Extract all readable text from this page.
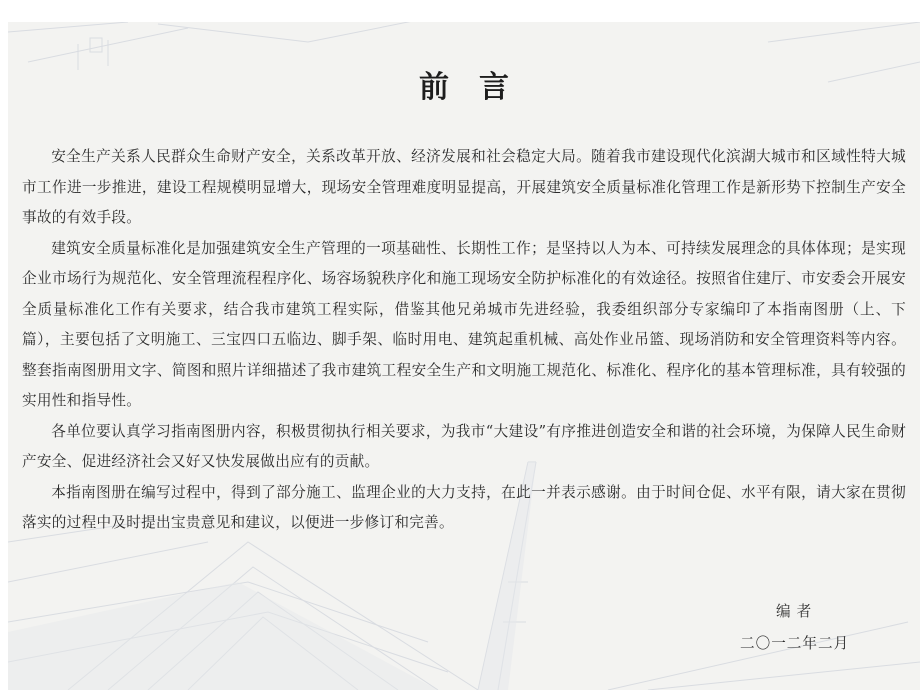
前言

安全生产关系人民群众生命财产安全，关系改革开放、经济发展和社会稳定大局。随着我市建设现代化滨湖大城市和区域性特大城市工作进一步推进，建设工程规模明显增大，现场安全管理难度明显提高，开展建筑安全质量标准化管理工作是新形势下控制生产安全事故的有效手段。

建筑安全质量标准化是加强建筑安全生产管理的一项基础性、长期性工作；是坚持以人为本、可持续发展理念的具体体现；是实现企业市场行为规范化、安全管理流程程序化、场容场貌秩序化和施工现场安全防护标准化的有效途径。按照省住建厅、市安委会开展安全质量标准化工作有关要求，结合我市建筑工程实际，借鉴其他兄弟城市先进经验，我委组织部分专家编印了本指南图册（上、下篇），主要包括了文明施工、三宝四口五临边、脚手架、临时用电、建筑起重机械、高处作业吊篮、现场消防和安全管理资料等内容。整套指南图册用文字、简图和照片详细描述了我市建筑工程安全生产和文明施工规范化、标准化、程序化的基本管理标准，具有较强的实用性和指导性。

各单位要认真学习指南图册内容，积极贯彻执行相关要求，为我市“大建设”有序推进创造安全和谐的社会环境，为保障人民生命财产安全、促进经济社会又好又快发展做出应有的贡献。

本指南图册在编写过程中，得到了部分施工、监理企业的大力支持，在此一并表示感谢。由于时间仓促、水平有限，请大家在贯彻落实的过程中及时提出宝贵意见和建议，以便进一步修订和完善。

编者
二〇一二年二月
